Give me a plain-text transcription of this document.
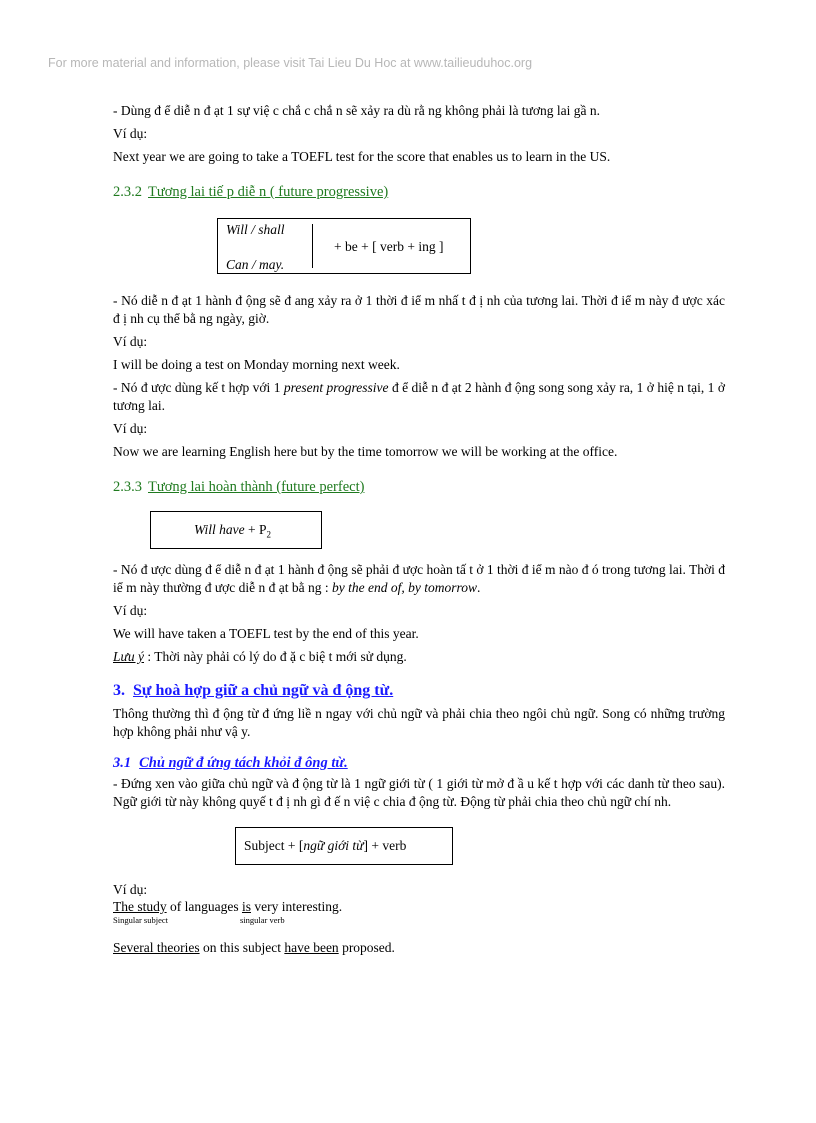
For more material and information, please visit Tai Lieu Du Hoc at www.tailieuduhoc.org

- Dùng đ ể diễ n đ ạt 1 sự việ c chắ c chắ n sẽ xảy ra dù rằ ng không phải là tương lai gầ n.

Ví dụ:

Next year we are going to take a TOEFL test for the score that enables us to learn in the US.

2.3.2 Tương lai tiế p diễ n ( future progressive)
Will / shall
Can / may.
+ be + [ verb + ing ]

- Nó diễ n đ ạt 1 hành đ ộng sẽ đ ang xảy ra ở 1 thời đ iể m nhấ t đ ị nh của tương lai. Thời đ iể m này đ ược xác đ ị nh cụ thể bằ ng ngày, giờ.

Ví dụ:

I will be doing a test on Monday morning next week.

- Nó đ ược dùng kế t hợp với 1 present progressive đ ể diễ n đ ạt 2 hành đ ộng song song xảy ra, 1 ở hiệ n tại, 1 ở tương lai.

Ví dụ:

Now we are learning English here but by the time tomorrow we will be working at the office.

2.3.3 Tương lai hoàn thành (future perfect)
Will have + $P_2$

- Nó đ ược dùng đ ể diễ n đ ạt 1 hành đ ộng sẽ phải đ ược hoàn tấ t ở 1 thời đ iể m nào đ ó trong tương lai. Thời đ iể m này thường đ ược diễ n đ ạt bằ ng : by the end of, by tomorrow.

Ví dụ:

We will have taken a TOEFL test by the end of this year.

Lưu ý : Thời này phải có lý do đ ặ c biệ t mới sử dụng.

3. Sự hoà hợp giữ a chủ ngữ và đ ộng từ.

Thông thường thì đ ộng từ đ ứng liề n ngay với chủ ngữ và phải chia theo ngôi chủ ngữ. Song có những trường hợp không phải như vậ y.

3.1 Chủ ngữ đ ứng tách khỏi đ ông từ.

- Đứng xen vào giữa chủ ngữ và đ ộng từ là 1 ngữ giới từ ( 1 giới từ mở đ ầ u kế t hợp với các danh từ theo sau). Ngữ giới từ này không quyế t đ ị nh gì đ ế n việ c chia đ ộng từ. Động từ phải chia theo chủ ngữ chí nh.

Subject + [ngữ giới từ] + verb

Ví dụ:

The study of languages is very interesting.

Singular subject	singular verb

Several theories on this subject have been proposed.
